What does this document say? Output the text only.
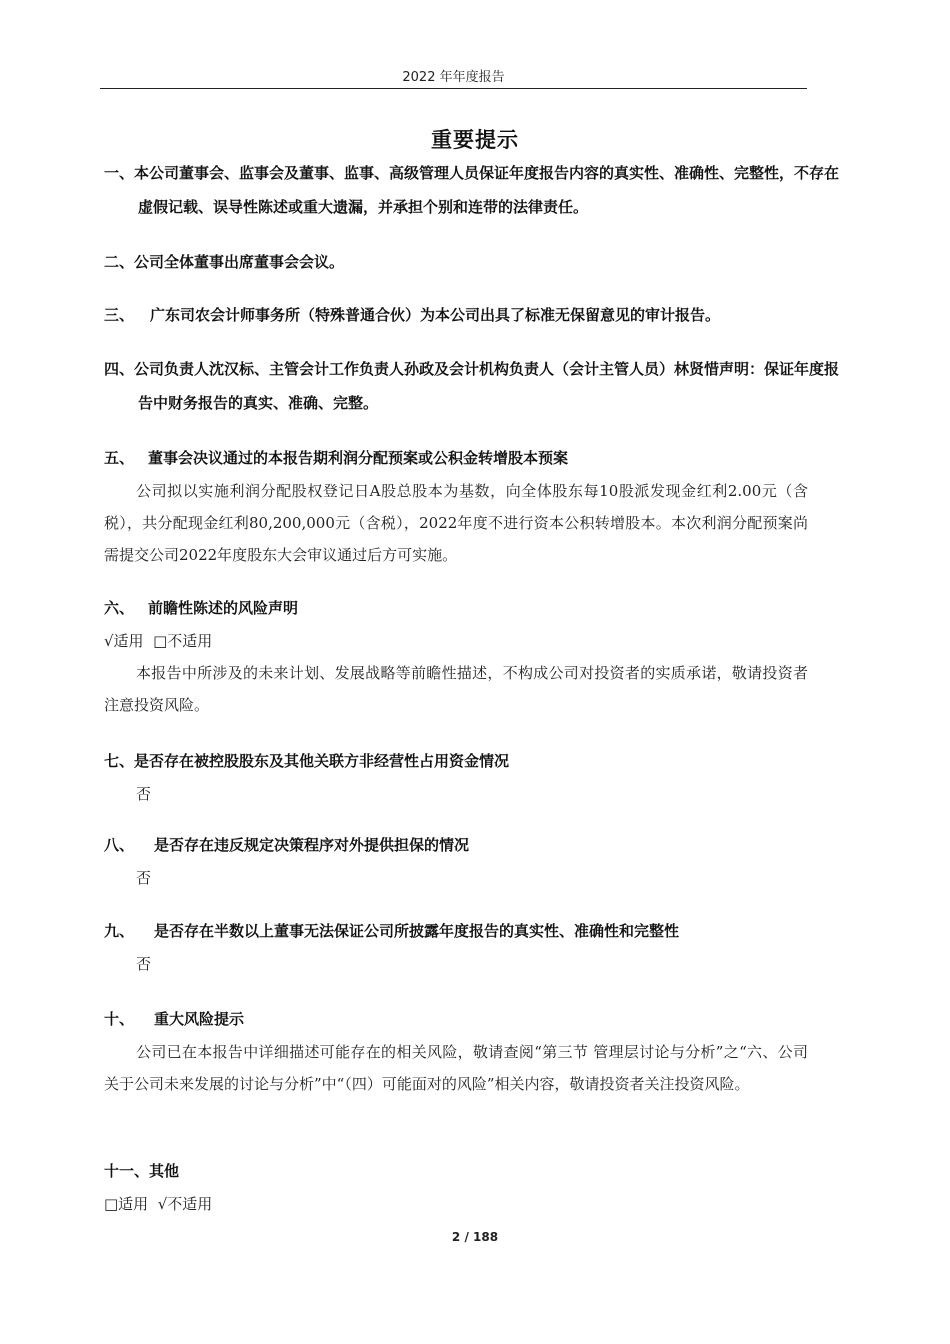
2022 年年度报告
重要提示
一、本公司董事会、监事会及董事、监事、高级管理人员保证年度报告内容的真实性、准确性、完整性，不存在虚假记载、误导性陈述或重大遗漏，并承担个别和连带的法律责任。
二、公司全体董事出席董事会会议。
三、 广东司农会计师事务所（特殊普通合伙）为本公司出具了标准无保留意见的审计报告。
四、公司负责人沈汉标、主管会计工作负责人孙政及会计机构负责人（会计主管人员）林贤惜声明：保证年度报告中财务报告的真实、准确、完整。
五、 董事会决议通过的本报告期利润分配预案或公积金转增股本预案
公司拟以实施利润分配股权登记日A股总股本为基数，向全体股东每10股派发现金红利2.00元（含税），共分配现金红利80,200,000元（含税），2022年度不进行资本公积转增股本。本次利润分配预案尚需提交公司2022年度股东大会审议通过后方可实施。
六、 前瞻性陈述的风险声明
√适用 □不适用
本报告中所涉及的未来计划、发展战略等前瞻性描述，不构成公司对投资者的实质承诺，敬请投资者注意投资风险。
七、是否存在被控股股东及其他关联方非经营性占用资金情况
否
八、 是否存在违反规定决策程序对外提供担保的情况
否
九、 是否存在半数以上董事无法保证公司所披露年度报告的真实性、准确性和完整性
否
十、 重大风险提示
公司已在本报告中详细描述可能存在的相关风险，敬请查阅“第三节 管理层讨论与分析”之“六、公司关于公司未来发展的讨论与分析”中“（四）可能面对的风险”相关内容，敬请投资者关注投资风险。
十一、其他
□适用 √不适用
2 / 188
